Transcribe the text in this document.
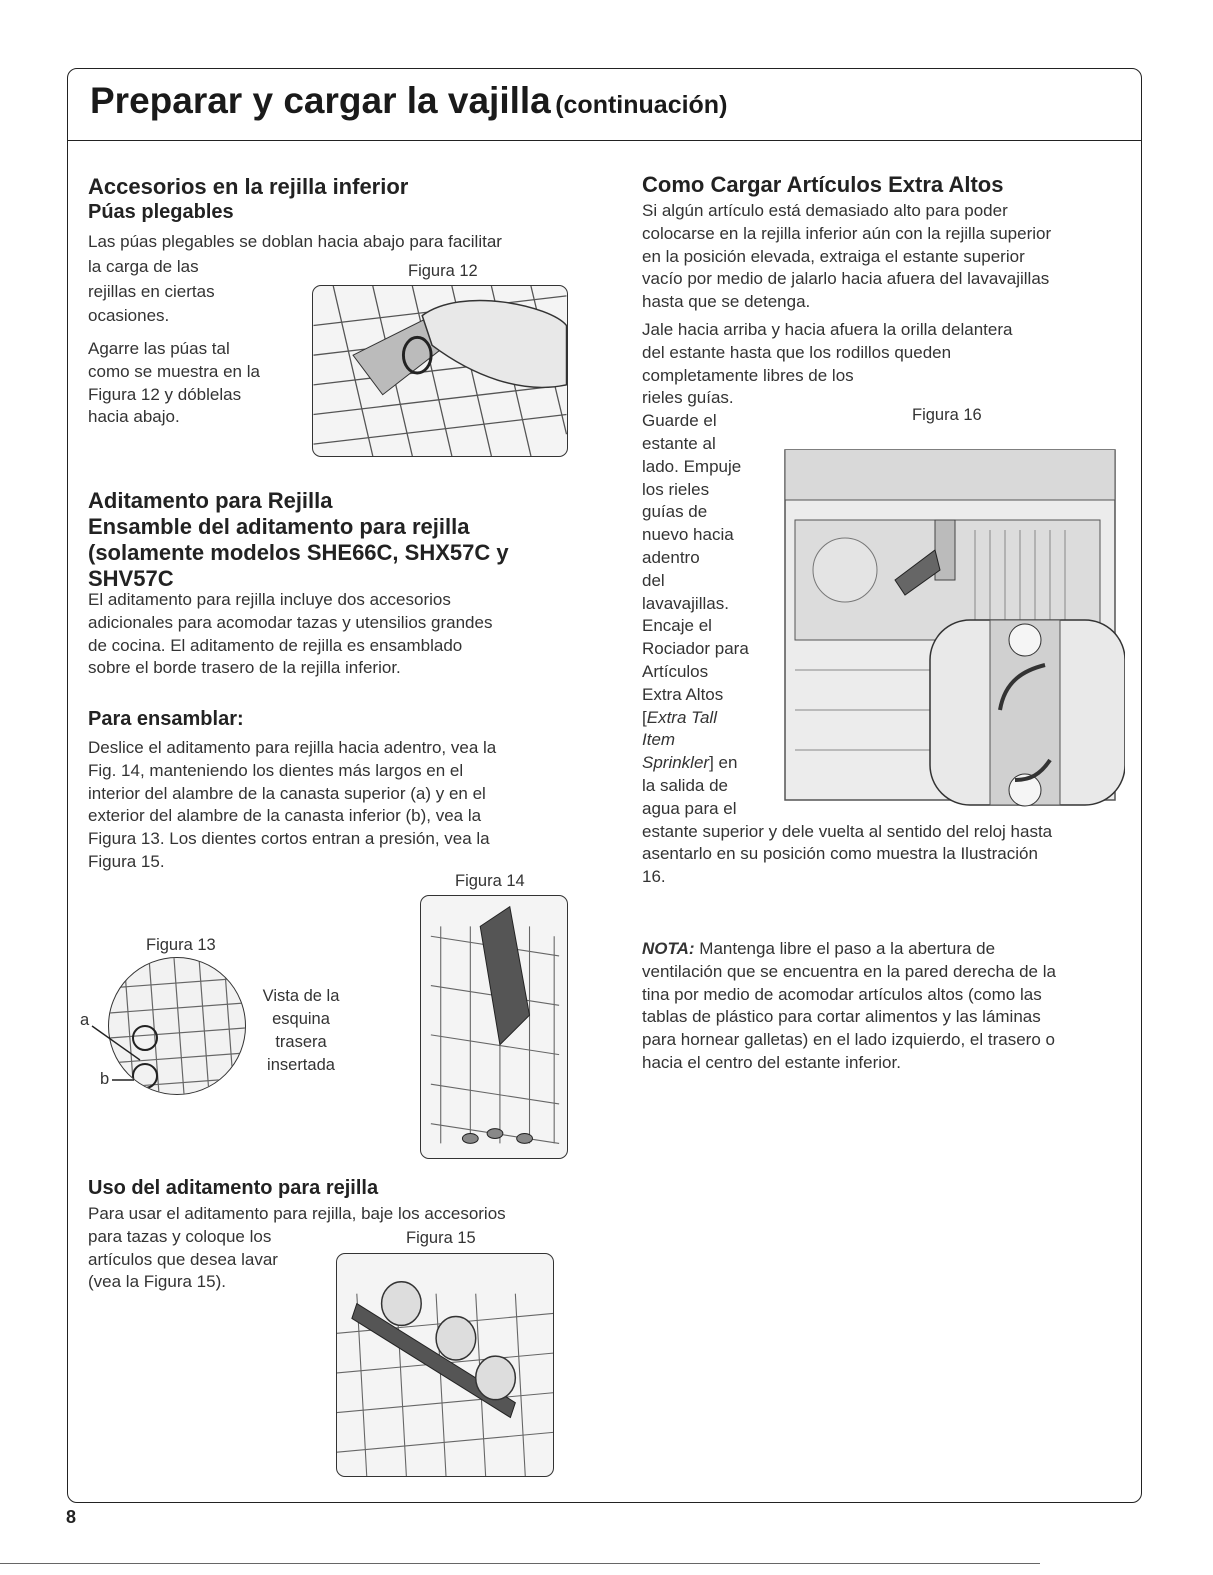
Preparar y cargar la vajilla (continuación)
Accesorios en la rejilla inferior
Púas plegables
Las púas plegables se doblan hacia abajo para facilitar
la carga de las
rejillas en ciertas
ocasiones.
Agarre las púas tal
como se muestra en la
Figura 12 y dóblelas
hacia abajo.
Figura 12
Aditamento para Rejilla
Ensamble del aditamento para rejilla
(solamente modelos SHE66C, SHX57C y
SHV57C
El aditamento para rejilla incluye dos accesorios
adicionales para acomodar tazas y utensilios grandes
de cocina. El aditamento de rejilla es ensamblado
sobre el borde trasero de la rejilla inferior.
Para ensamblar:
Deslice el aditamento para rejilla hacia adentro, vea la
Fig. 14, manteniendo los dientes más largos en el
interior del alambre de la canasta superior (a) y en el
exterior del alambre de la canasta inferior (b), vea la
Figura 13. Los dientes cortos entran a presión, vea la
Figura 15.
Figura 13
a
b
Vista de la
esquina
trasera
insertada
Figura 14
Uso del aditamento para rejilla
Para usar el aditamento para rejilla, baje los accesorios
para tazas y coloque los
artículos que desea lavar
(vea la Figura 15).
Figura 15
Como Cargar Artículos Extra Altos
Si algún artículo está demasiado alto para poder
colocarse en la rejilla inferior aún con la rejilla superior
en la posición elevada, extraiga el estante superior
vacío por medio de jalarlo hacia afuera del lavavajillas
hasta que se detenga.
Jale hacia arriba y hacia afuera la orilla delantera
del estante hasta que los rodillos queden
completamente libres de los
rieles guías.
Guarde el
estante al
lado. Empuje
los rieles
guías de
nuevo hacia
adentro
del
lavavajillas.
Encaje el
Rociador para
Artículos
Extra Altos
[Extra Tall
Item
Sprinkler] en
la salida de
agua para el
estante superior y dele vuelta al sentido del reloj hasta
asentarlo en su posición como muestra la Ilustración
16.
Figura 16
NOTA: Mantenga libre el paso a la abertura de
ventilación que se encuentra en la pared derecha de la
tina por medio de acomodar artículos altos (como las
tablas de plástico para cortar alimentos y las láminas
para hornear galletas) en el lado izquierdo, el trasero o
hacia el centro del estante inferior.
8
